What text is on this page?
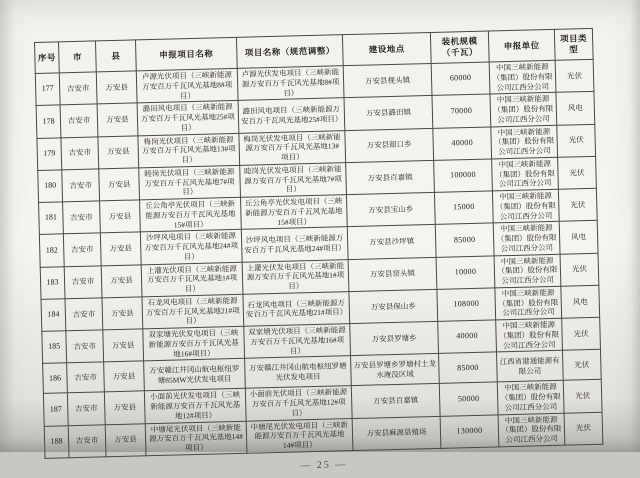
序号	市	县	申报项目名称	项目名称（规范调整）	建设地点	装机规模（千瓦）	申报单位	项目类型
177	吉安市	万安县	卢源光伏项目（三峡新能源万安百万千瓦风光基地8#项目）	卢源光伏发电项目（三峡新能源万安百万千瓦风光基地8#项目）	万安县枧头镇	60000	中国三峡新能源（集团）股份有限公司江西分公司	光伏
178	吉安市	万安县	潞田风电项目（三峡新能源万安百万千瓦风光基地25#项目）	潞田风电项目（三峡新能源万安百万千瓦风光基地25#项目）	万安县潞田镇	70000	中国三峡新能源（集团）股份有限公司江西分公司	风电
179	吉安市	万安县	梅岗光伏项目（三峡新能源万安百万千瓦风光基地13#项目）	梅岗光伏发电项目（三峡新能源万安百万千瓦风光基地13#项目）	万安县韶口乡	40000	中国三峡新能源（集团）股份有限公司江西分公司	光伏
180	吉安市	万安县	睦岗光伏项目（三峡新能源万安百万千瓦风光基地7#项目）	睦岗光伏发电项目（三峡新能源万安百万千瓦风光基地7#项目）	万安县百嘉镇	100000	中国三峡新能源（集团）股份有限公司江西分公司	光伏
181	吉安市	万安县	丘公角亭光伏项目（三峡新能源万安百万千瓦风光基地15#项目）	丘公角亭光伏发电项目（三峡新能源万安百万千瓦风光基地15#项目）	万安县宝山乡	15000	中国三峡新能源（集团）股份有限公司江西分公司	光伏
182	吉安市	万安县	沙坪风电项目（三峡新能源万安百万千瓦风光基地24#项目）	沙坪风电项目（三峡新能源万安百万千瓦风光基地24#项目）	万安县沙坪镇	85000	中国三峡新能源（集团）股份有限公司江西分公司	风电
183	吉安市	万安县	上灌光伏项目（三峡新能源万安百万千瓦风光基地1#项目）	上灌光伏发电项目（三峡新能源万安百万千瓦风光基地1#项目）	万安县窑头镇	10000	中国三峡新能源（集团）股份有限公司江西分公司	光伏
184	吉安市	万安县	石龙风电项目（三峡新能源万安百万千瓦风光基地21#项目）	石龙风电项目（三峡新能源万安百万千瓦风光基地21#项目）	万安县保山乡	108000	中国三峡新能源（集团）股份有限公司江西分公司	风电
185	吉安市	万安县	双家塘光伏发电项目（三峡新能源万安百万千瓦风光基地16#项目）	双家塘光伏项目（三峡新能源万安百万千瓦风光基地16#项目）	万安县罗塘乡	40000	中国三峡新能源（集团）股份有限公司江西分公司	光伏
186	吉安市	万安县	万安赣江井冈山航电枢纽罗塘85MW光伏发电项目	万安赣江井冈山航电枢纽罗塘光伏发电项目	万安县罗塘乡罗塘村土龙水淹没区域	85000	江西省港通能源有限公司	光伏
187	吉安市	万安县	小面前光伏发电项目（三峡新能源万安百万千瓦风光基地12#项目）	小面前光伏项目（三峡新能源万安百万千瓦风光基地12#项目）	万安县百嘉镇	50000	中国三峡新能源（集团）股份有限公司江西分公司	光伏
188	吉安市	万安县	中塘尾光伏项目（三峡新能源万安百万千瓦风光基地14#项目）	中塘尾光伏发电项目（三峡新能源万安百万千瓦风光基地14#项目）	万安县麻源垦殖场	130000	中国三峡新能源（集团）股份有限公司江西分公司	光伏
— 25 —
